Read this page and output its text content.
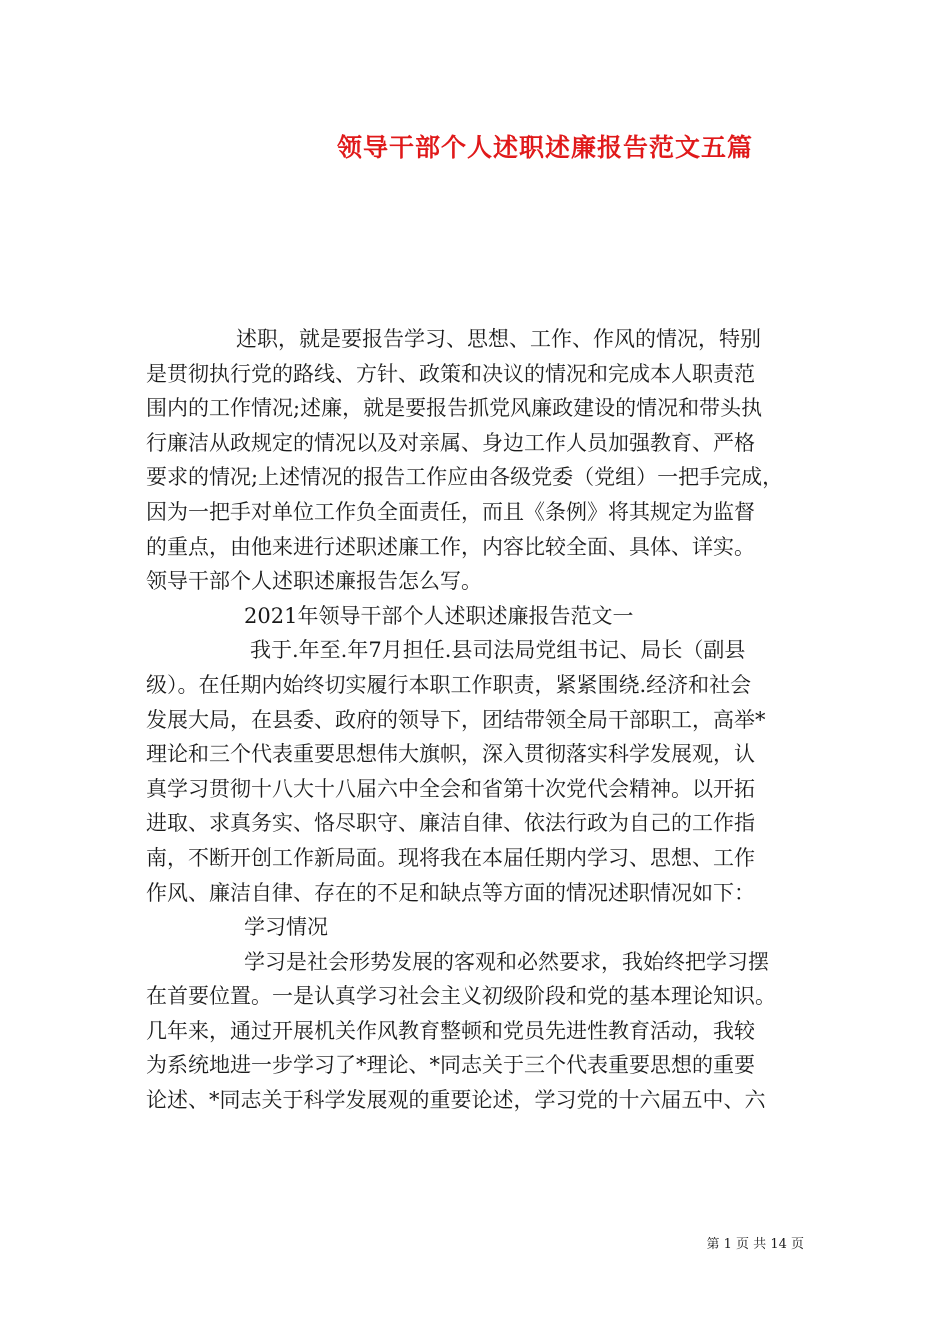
领导干部个人述职述廉报告范文五篇
述职，就是要报告学习、思想、工作、作风的情况，特别
是贯彻执行党的路线、方针、政策和决议的情况和完成本人职责范
围内的工作情况;述廉，就是要报告抓党风廉政建设的情况和带头执
行廉洁从政规定的情况以及对亲属、身边工作人员加强教育、严格
要求的情况;上述情况的报告工作应由各级党委（党组）一把手完成，
因为一把手对单位工作负全面责任，而且《条例》将其规定为监督
的重点，由他来进行述职述廉工作，内容比较全面、具体、详实。
领导干部个人述职述廉报告怎么写。
2021年领导干部个人述职述廉报告范文一
我于.年至.年7月担任.县司法局党组书记、局长（副县
级）。在任期内始终切实履行本职工作职责，紧紧围绕.经济和社会
发展大局，在县委、政府的领导下，团结带领全局干部职工，高举*
理论和三个代表重要思想伟大旗帜，深入贯彻落实科学发展观，认
真学习贯彻十八大十八届六中全会和省第十次党代会精神。以开拓
进取、求真务实、恪尽职守、廉洁自律、依法行政为自己的工作指
南，不断开创工作新局面。现将我在本届任期内学习、思想、工作
作风、廉洁自律、存在的不足和缺点等方面的情况述职情况如下：
学习情况
学习是社会形势发展的客观和必然要求，我始终把学习摆
在首要位置。一是认真学习社会主义初级阶段和党的基本理论知识。
几年来，通过开展机关作风教育整顿和党员先进性教育活动，我较
为系统地进一步学习了*理论、*同志关于三个代表重要思想的重要
论述、*同志关于科学发展观的重要论述，学习党的十六届五中、六
第 1 页 共 14 页
